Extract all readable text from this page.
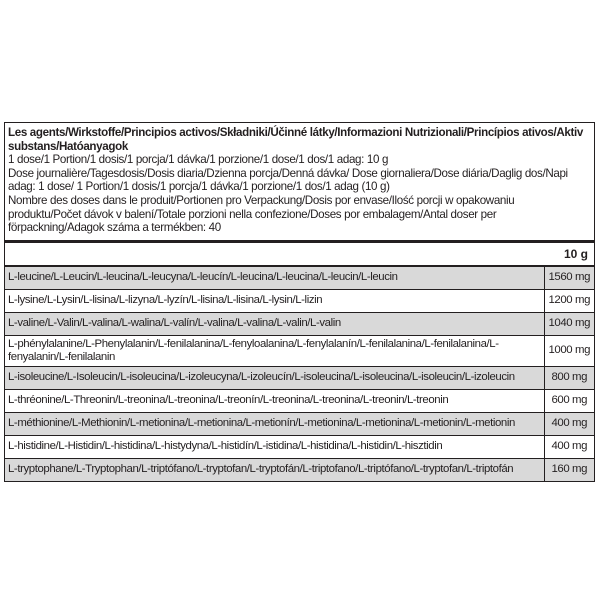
Les agents/Wirkstoffe/Principios activos/Składniki/Účinné látky/Informazioni Nutrizionali/Princípios ativos/Aktiv substans/Hatóanyagok

1 dose/1 Portion/1 dosis/1 porcja/1 dávka/1 porzione/1 dose/1 dos/1 adag: 10 g

Dose journalière/Tagesdosis/Dosis diaria/Dzienna porcja/Denná dávka/ Dose giornaliera/Dose diária/Daglig dos/Napi adag: 1 dose/ 1 Portion/1 dosis/1 porcja/1 dávka/1 porzione/1 dos/1 adag (10 g)

Nombre des doses dans le produit/Portionen pro Verpackung/Dosis por envase/Ilość porcji w opakowaniu produktu/Počet dávok v balení/Totale porzioni nella confezione/Doses por embalagem/Antal doser per förpackning/Adagok száma a termékben: 40

	10 g
L-leucine/L-Leucin/L-leucina/L-leucyna/L-leucín/L-leucina/L-leucina/L-leucin/L-leucin	1560 mg
L-lysine/L-Lysin/L-lisina/L-lizyna/L-lyzín/L-lisina/L-lisina/L-lysin/L-lizin	1200 mg
L-valine/L-Valin/L-valina/L-walina/L-valín/L-valina/L-valina/L-valin/L-valin	1040 mg
L-phénylalanine/L-Phenylalanin/L-fenilalanina/L-fenyloalanina/L-fenylalanín/L-fenilalanina/L-fenilalanina/L-fenyalanin/L-fenilalanin	1000 mg
L-isoleucine/L-Isoleucin/L-isoleucina/L-izoleucyna/L-izoleucín/L-isoleucina/L-isoleucina/L-isoleucin/L-izoleucin	800 mg
L-thréonine/L-Threonin/L-treonina/L-treonina/L-treonín/L-treonina/L-treonina/L-treonin/L-treonin	600 mg
L-méthionine/L-Methionin/L-metionina/L-metionina/L-metionín/L-metionina/L-metionina/L-metionin/L-metionin	400 mg
L-histidine/L-Histidin/L-histidina/L-histydyna/L-histidín/L-istidina/L-histidina/L-histidin/L-hisztidin	400 mg
L-tryptophane/L-Tryptophan/L-triptófano/L-tryptofan/L-tryptofán/L-triptofano/L-triptófano/L-tryptofan/L-triptofán	160 mg
